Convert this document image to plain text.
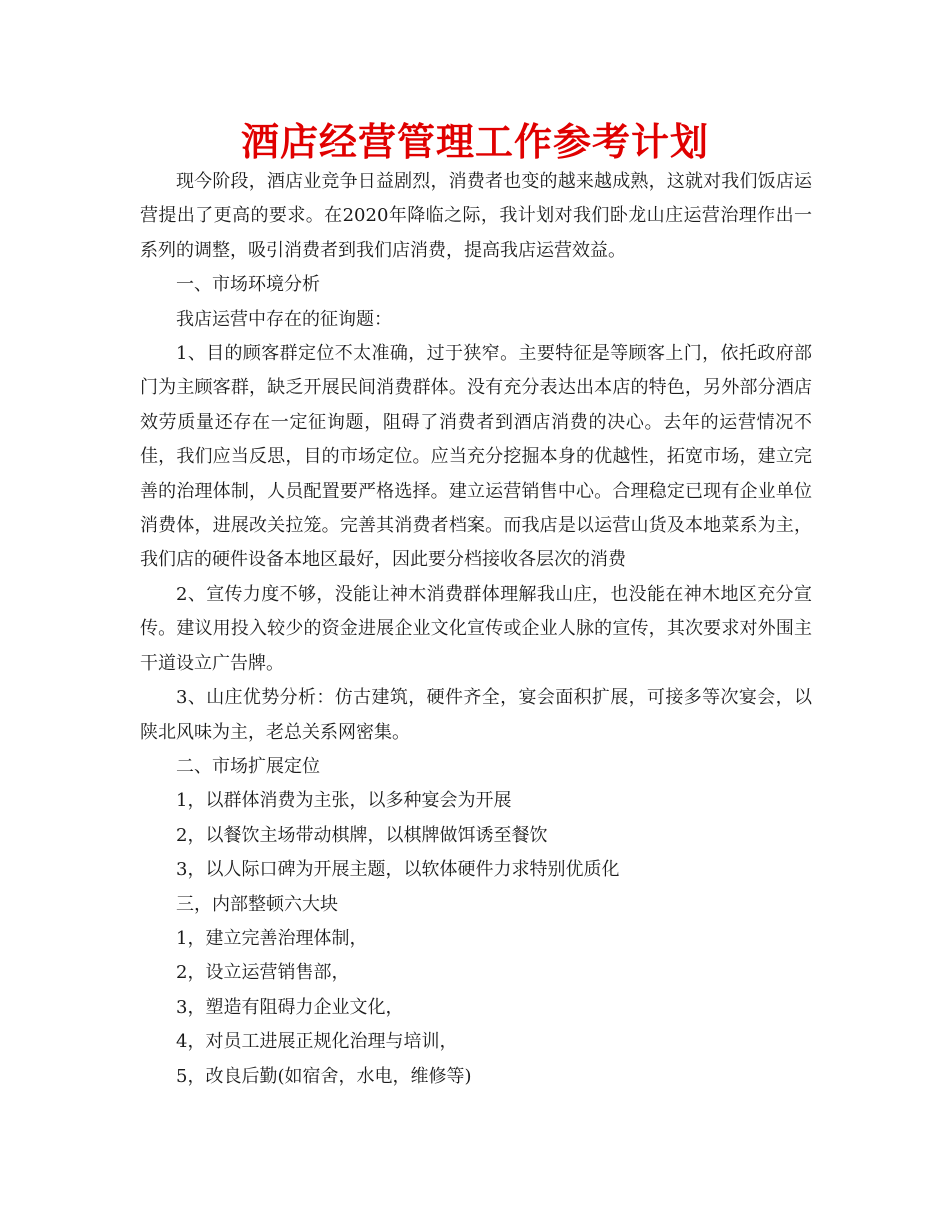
酒店经营管理工作参考计划

现今阶段，酒店业竞争日益剧烈，消费者也变的越来越成熟，这就对我们饭店运营提出了更高的要求。在2020年降临之际，我计划对我们卧龙山庄运营治理作出一系列的调整，吸引消费者到我们店消费，提高我店运营效益。

一、市场环境分析

我店运营中存在的征询题：

1、目的顾客群定位不太准确，过于狭窄。主要特征是等顾客上门，依托政府部门为主顾客群，缺乏开展民间消费群体。没有充分表达出本店的特色，另外部分酒店效劳质量还存在一定征询题，阻碍了消费者到酒店消费的决心。去年的运营情况不佳，我们应当反思，目的市场定位。应当充分挖掘本身的优越性，拓宽市场，建立完善的治理体制，人员配置要严格选择。建立运营销售中心。合理稳定已现有企业单位消费体，进展改关拉笼。完善其消费者档案。而我店是以运营山货及本地菜系为主，我们店的硬件设备本地区最好，因此要分档接收各层次的消费

2、宣传力度不够，没能让神木消费群体理解我山庄，也没能在神木地区充分宣传。建议用投入较少的资金进展企业文化宣传或企业人脉的宣传，其次要求对外围主干道设立广告牌。

3、山庄优势分析：仿古建筑，硬件齐全，宴会面积扩展，可接多等次宴会，以陕北风味为主，老总关系网密集。

二、市场扩展定位

1，以群体消费为主张，以多种宴会为开展

2，以餐饮主场带动棋牌，以棋牌做饵诱至餐饮

3，以人际口碑为开展主题，以软体硬件力求特别优质化

三，内部整顿六大块

1，建立完善治理体制，

2，设立运营销售部，

3，塑造有阻碍力企业文化，

4，对员工进展正规化治理与培训，

5，改良后勤(如宿舍，水电，维修等)
